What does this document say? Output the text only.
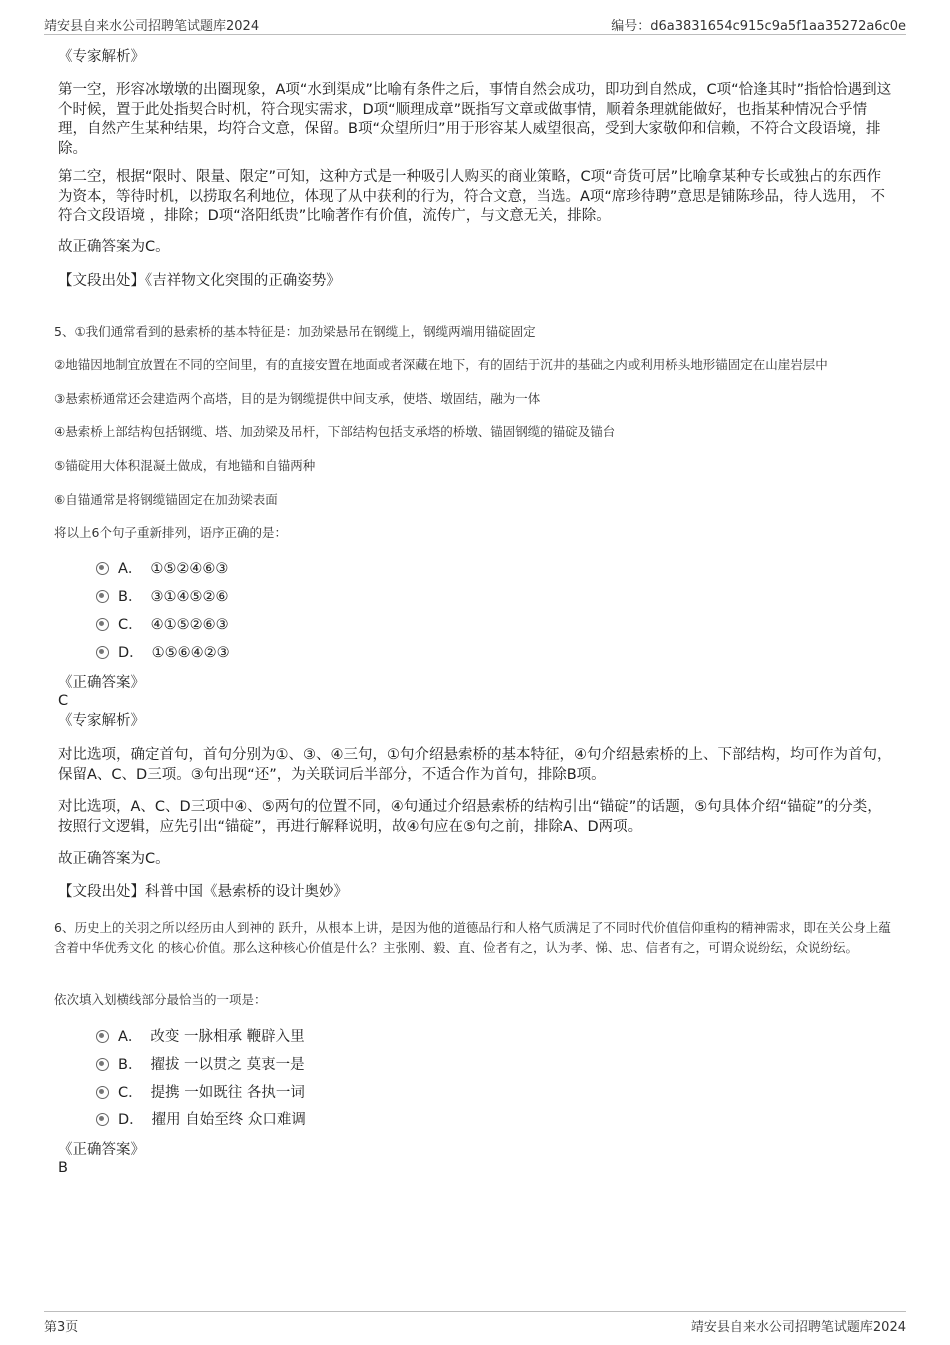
靖安县自来水公司招聘笔试题库2024	编号：d6a3831654c915c9a5f1aa35272a6c0e
《专家解析》
第一空，形容冰墩墩的出圈现象，A项“水到渠成”比喻有条件之后，事情自然会成功，即功到自然成，C项“恰逢其时”指恰恰遇到这个时候，置于此处指契合时机，符合现实需求，D项“顺理成章”既指写文章或做事情，顺着条理就能做好，也指某种情况合乎情理，自然产生某种结果，均符合文意，保留。B项“众望所归”用于形容某人威望很高，受到大家敬仰和信赖，不符合文段语境，排除。
第二空，根据“限时、限量、限定”可知，这种方式是一种吸引人购买的商业策略，C项“奇货可居”比喻拿某种专长或独占的东西作为资本，等待时机，以捞取名利地位，体现了从中获利的行为，符合文意，当选。A项“席珍待聘”意思是铺陈珍品，待人选用， 不符合文段语境 ，排除；D项“洛阳纸贵”比喻著作有价值，流传广，与文意无关，排除。
故正确答案为C。
【文段出处】《吉祥物文化突围的正确姿势》
5、①我们通常看到的悬索桥的基本特征是：加劲梁悬吊在钢缆上，钢缆两端用锚碇固定
②地锚因地制宜放置在不同的空间里，有的直接安置在地面或者深藏在地下，有的固结于沉井的基础之内或利用桥头地形锚固定在山崖岩层中
③悬索桥通常还会建造两个高塔，目的是为钢缆提供中间支承，使塔、墩固结，融为一体
④悬索桥上部结构包括钢缆、塔、加劲梁及吊杆，下部结构包括支承塔的桥墩、锚固钢缆的锚碇及锚台
⑤锚碇用大体积混凝土做成，有地锚和自锚两种
⑥自锚通常是将钢缆锚固定在加劲梁表面
将以上6个句子重新排列，语序正确的是：
A． ①⑤②④⑥③
B． ③①④⑤②⑥
C． ④①⑤②⑥③
D． ①⑤⑥④②③
《正确答案》
C
《专家解析》
对比选项，确定首句，首句分别为①、③、④三句，①句介绍悬索桥的基本特征，④句介绍悬索桥的上、下部结构，均可作为首句，保留A、C、D三项。③句出现“还”，为关联词后半部分，不适合作为首句，排除B项。
对比选项，A、C、D三项中④、⑤两句的位置不同，④句通过介绍悬索桥的结构引出“锚碇”的话题，⑤句具体介绍“锚碇”的分类，按照行文逻辑，应先引出“锚碇”，再进行解释说明，故④句应在⑤句之前，排除A、D两项。
故正确答案为C。
【文段出处】科普中国《悬索桥的设计奥妙》
6、历史上的关羽之所以经历由人到神的 跃升，从根本上讲，是因为他的道德品行和人格气质满足了不同时代价值信仰重构的精神需求，即在关公身上蕴含着中华优秀文化 的核心价值。那么这种核心价值是什么？主张刚、毅、直、俭者有之，认为孝、悌、忠、信者有之，可谓众说纷纭，众说纷纭。
依次填入划横线部分最恰当的一项是：
A． 改变 一脉相承 鞭辟入里
B． 擢拔 一以贯之 莫衷一是
C． 提携 一如既往 各执一词
D． 擢用 自始至终 众口难调
《正确答案》
B
第3页	靖安县自来水公司招聘笔试题库2024
